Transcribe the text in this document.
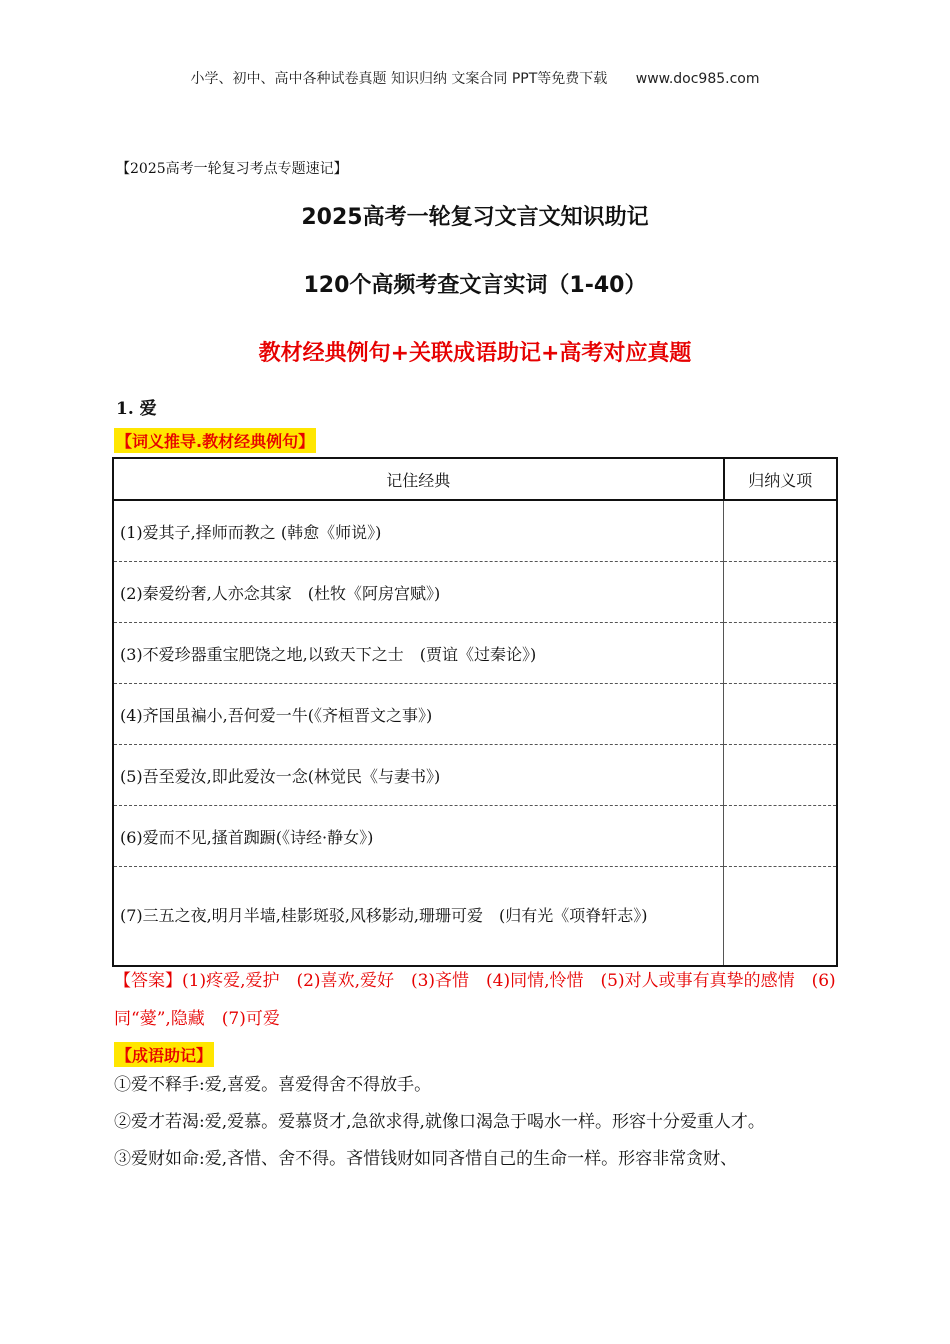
小学、初中、高中各种试卷真题 知识归纳 文案合同 PPT等免费下载 www.doc985.com
【2025高考一轮复习考点专题速记】
2025高考一轮复习文言文知识助记
120个高频考查文言实词（1-40）
教材经典例句+关联成语助记+高考对应真题
1. 爱
【词义推导.教材经典例句】
记住经典	归纳义项
(1)爱其子,择师而教之 (韩愈《师说》)	
(2)秦爱纷奢,人亦念其家　(杜牧《阿房宫赋》)	
(3)不爱珍器重宝肥饶之地,以致天下之士　(贾谊《过秦论》)	
(4)齐国虽褊小,吾何爱一牛(《齐桓晋文之事》)	
(5)吾至爱汝,即此爱汝一念(林觉民《与妻书》)	
(6)爱而不见,搔首踟蹰(《诗经·静女》)	
(7)三五之夜,明月半墙,桂影斑驳,风移影动,珊珊可爱　(归有光《项脊轩志》)	
【答案】(1)疼爱,爱护　(2)喜欢,爱好　(3)吝惜　(4)同情,怜惜　(5)对人或事有真挚的感情　(6)同“薆”,隐藏　(7)可爱
【成语助记】

①爱不释手:爱,喜爱。喜爱得舍不得放手。

②爱才若渴:爱,爱慕。爱慕贤才,急欲求得,就像口渴急于喝水一样。形容十分爱重人才。

③爱财如命:爱,吝惜、舍不得。吝惜钱财如同吝惜自己的生命一样。形容非常贪财、
